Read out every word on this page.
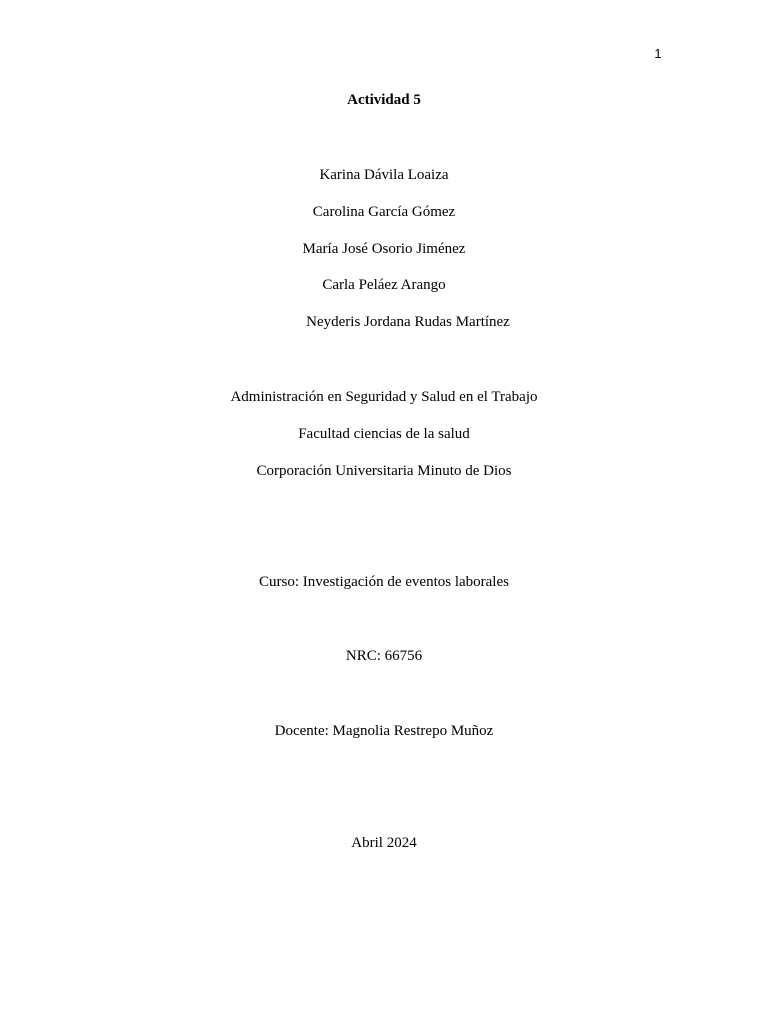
1
Actividad 5
Karina Dávila Loaiza
Carolina García Gómez
María José Osorio Jiménez
Carla Peláez Arango
Neyderis Jordana Rudas Martínez
Administración en Seguridad y Salud en el Trabajo
Facultad ciencias de la salud
Corporación Universitaria Minuto de Dios
Curso: Investigación de eventos laborales
NRC: 66756
Docente: Magnolia Restrepo Muñoz
Abril 2024
